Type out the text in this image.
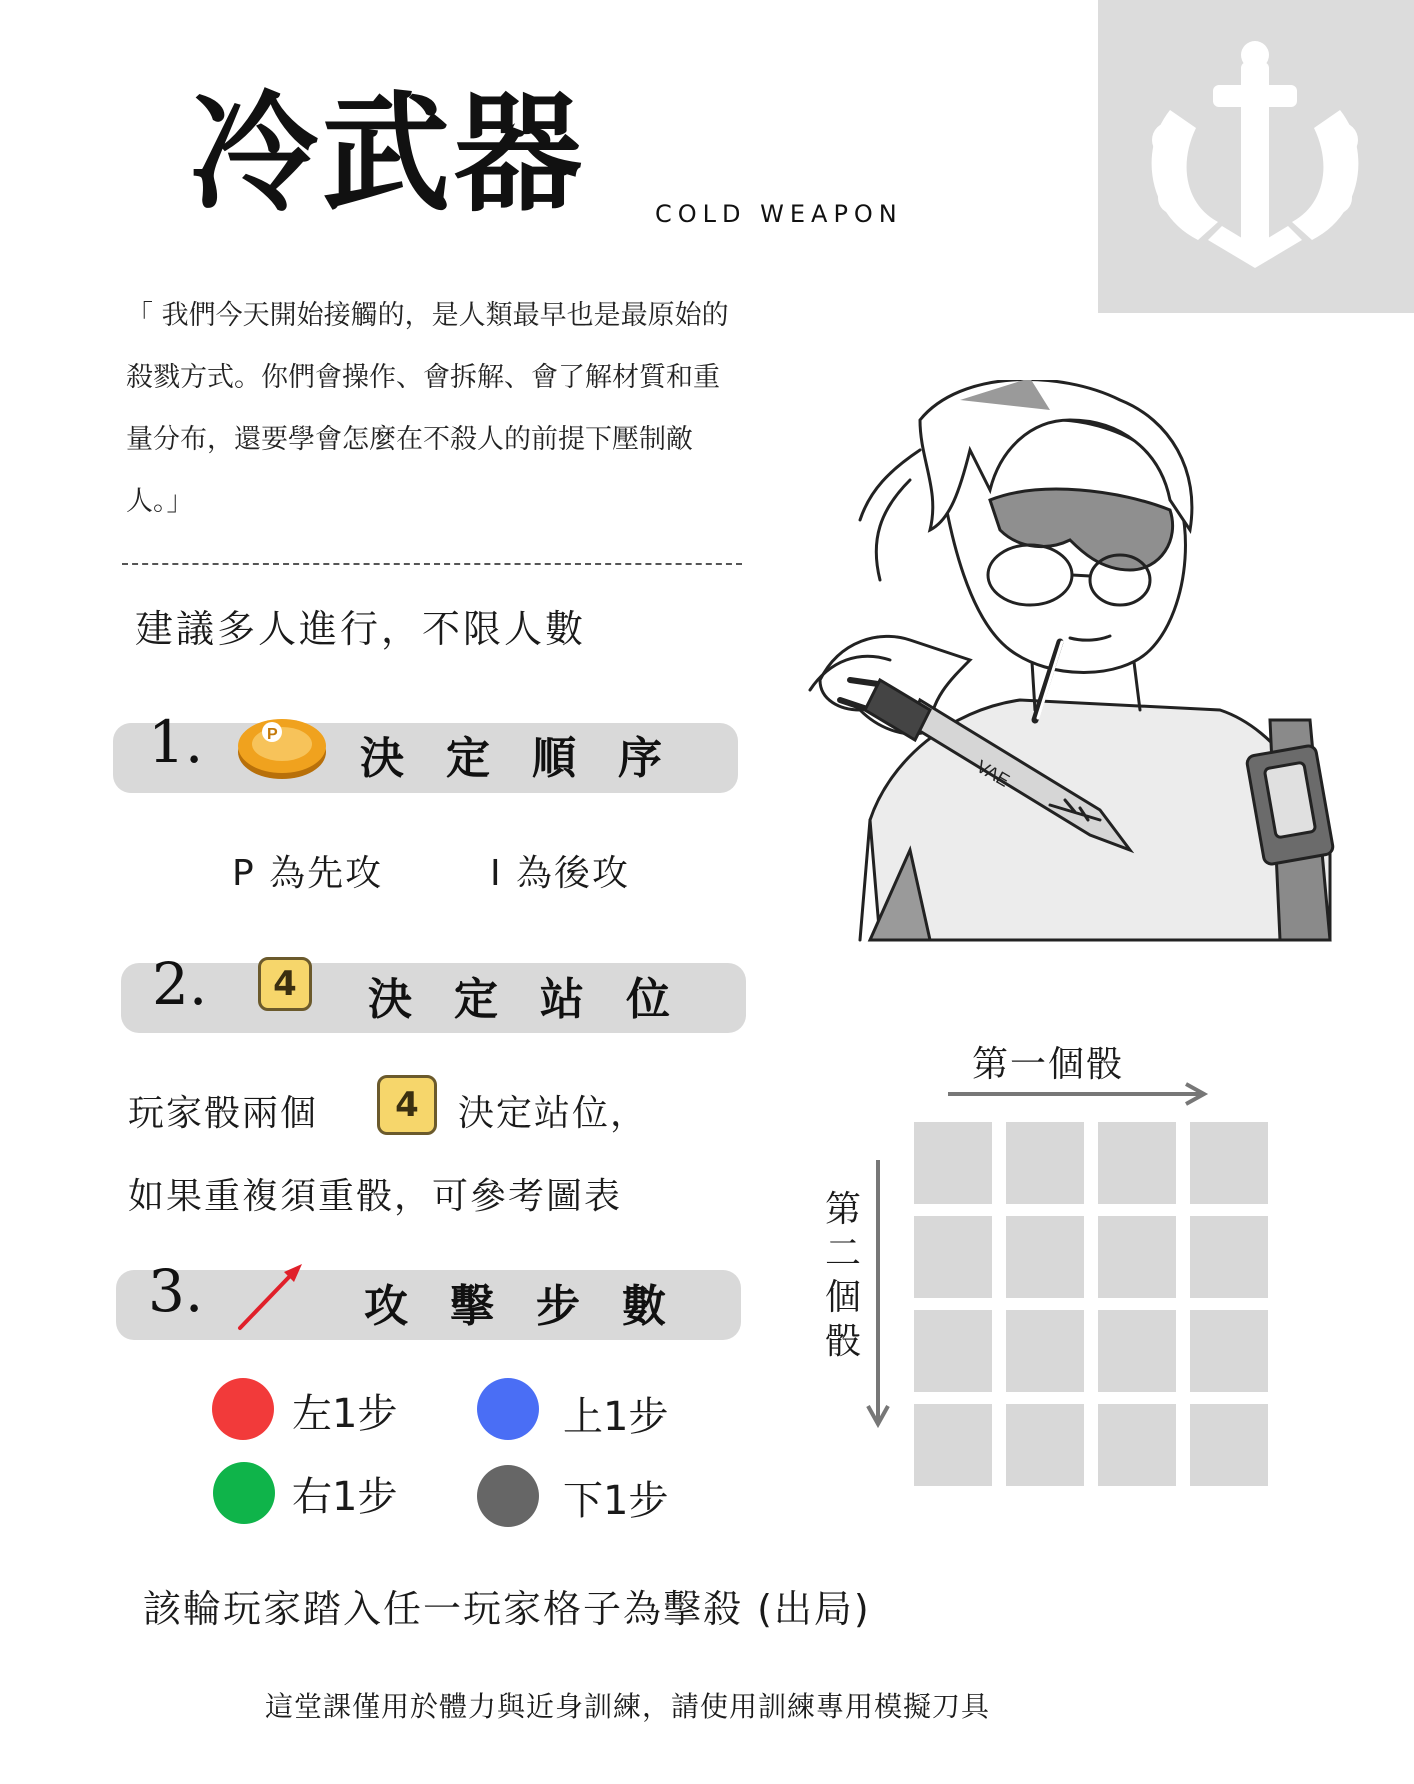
冷武器	COLD WEAPON
「 我們今天開始接觸的，是人類最早也是最原始的
殺戮方式。你們會操作、會拆解、會了解材質和重
量分布，還要學會怎麼在不殺人的前提下壓制敵
人。」
建議多人進行，不限人數
VAE
1.	P 決定順序
P 為先攻	I 為後攻
2.	4	決定站位
玩家骰兩個	4	決定站位，
如果重複須重骰，可參考圖表
3.	攻擊步數
左1步	上1步
右1步	下1步
第一個骰
第
二
個
骰
該輪玩家踏入任一玩家格子為擊殺 (出局)
這堂課僅用於體力與近身訓練，請使用訓練專用模擬刀具
